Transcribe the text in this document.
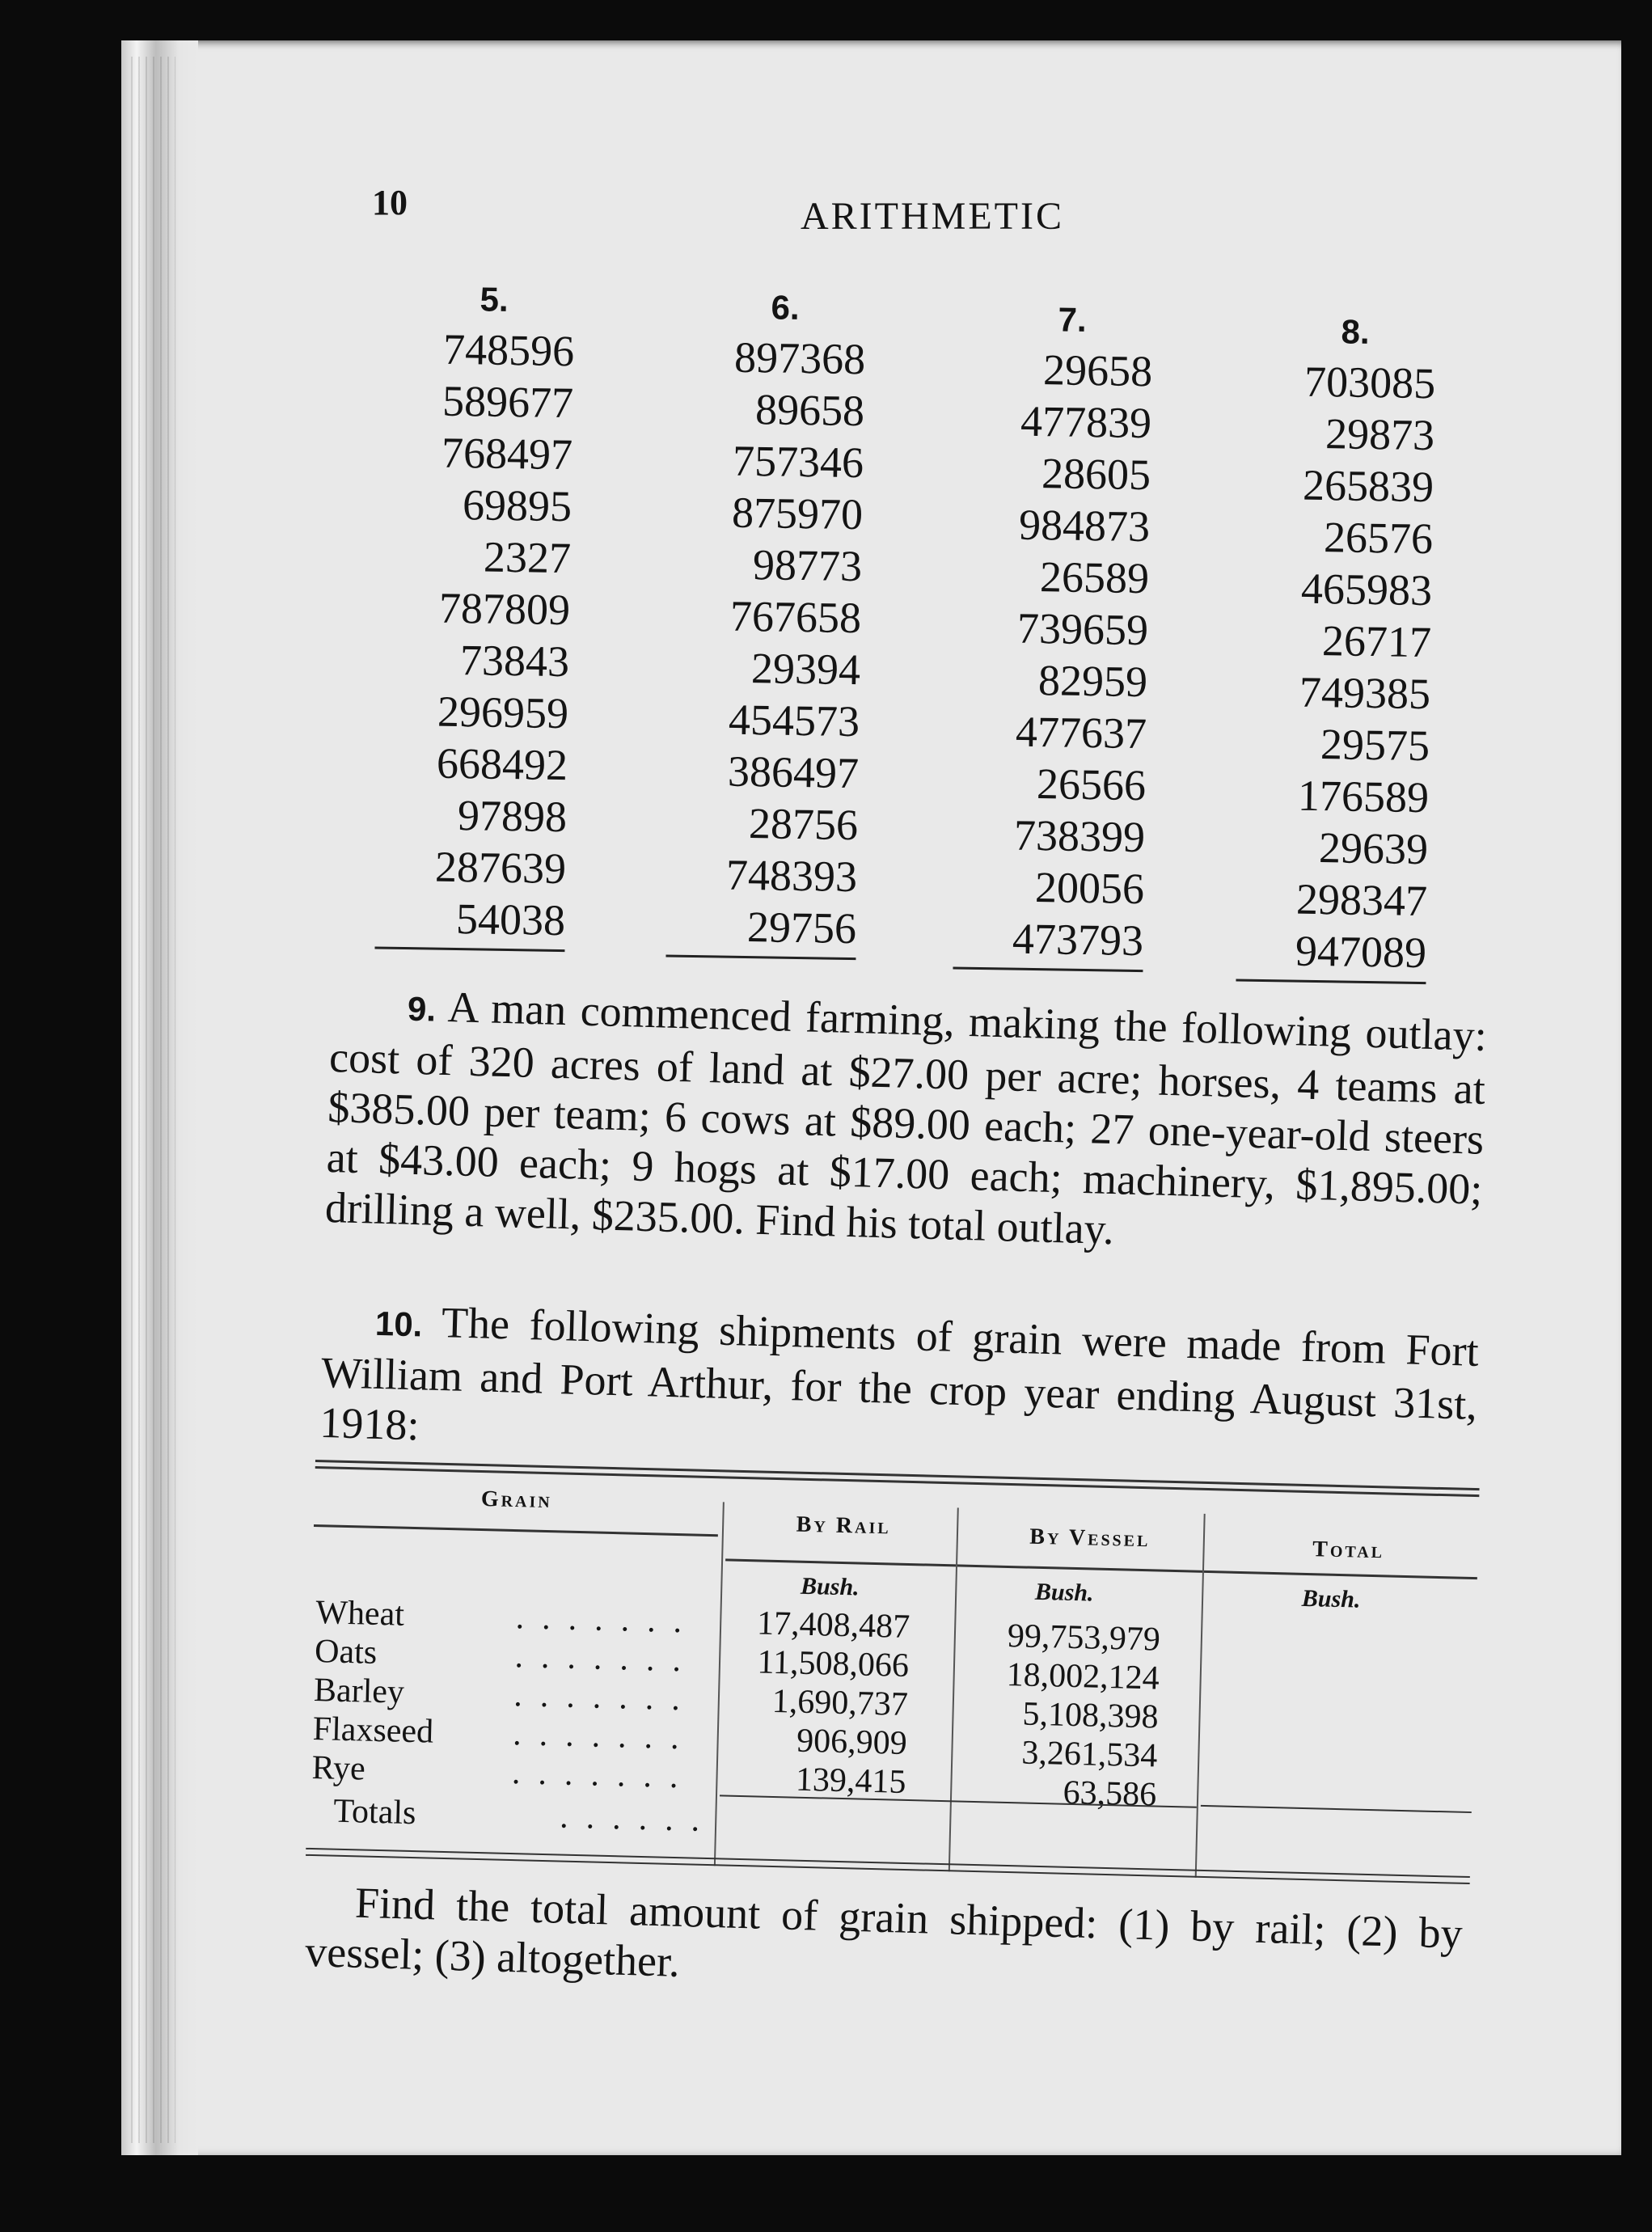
10	ARITHMETIC
5.
748596
589677
768497
69895
2327
787809
73843
296959
668492
97898
287639
54038
6.
897368
89658
757346
875970
98773
767658
29394
454573
386497
28756
748393
29756
7.
29658
477839
28605
984873
26589
739659
82959
477637
26566
738399
20056
473793
8.
703085
29873
265839
26576
465983
26717
749385
29575
176589
29639
298347
947089
9. A man commenced farming, making the following outlay: cost of 320 acres of land at $27.00 per acre; horses, 4 teams at $385.00 per team; 6 cows at $89.00 each; 27 one-year-old steers at $43.00 each; 9 hogs at $17.00 each; machinery, $1,895.00; drilling a well, $235.00. Find his total outlay.
10. The following shipments of grain were made from Fort William and Port Arthur, for the crop year ending August 31st, 1918:
Grain
By Rail	By Vessel	Total
Bush.	Bush.	Bush.
Wheat	.......	17,408,487	99,753,979
Oats	.......	11,508,066	18,002,124
Barley	.......	1,690,737	5,108,398
Flaxseed .......	906,909	3,261,534
Rye	.......	139,415	63,586
Totals	......
Find the total amount of grain shipped: (1) by rail; (2) by vessel; (3) altogether.
